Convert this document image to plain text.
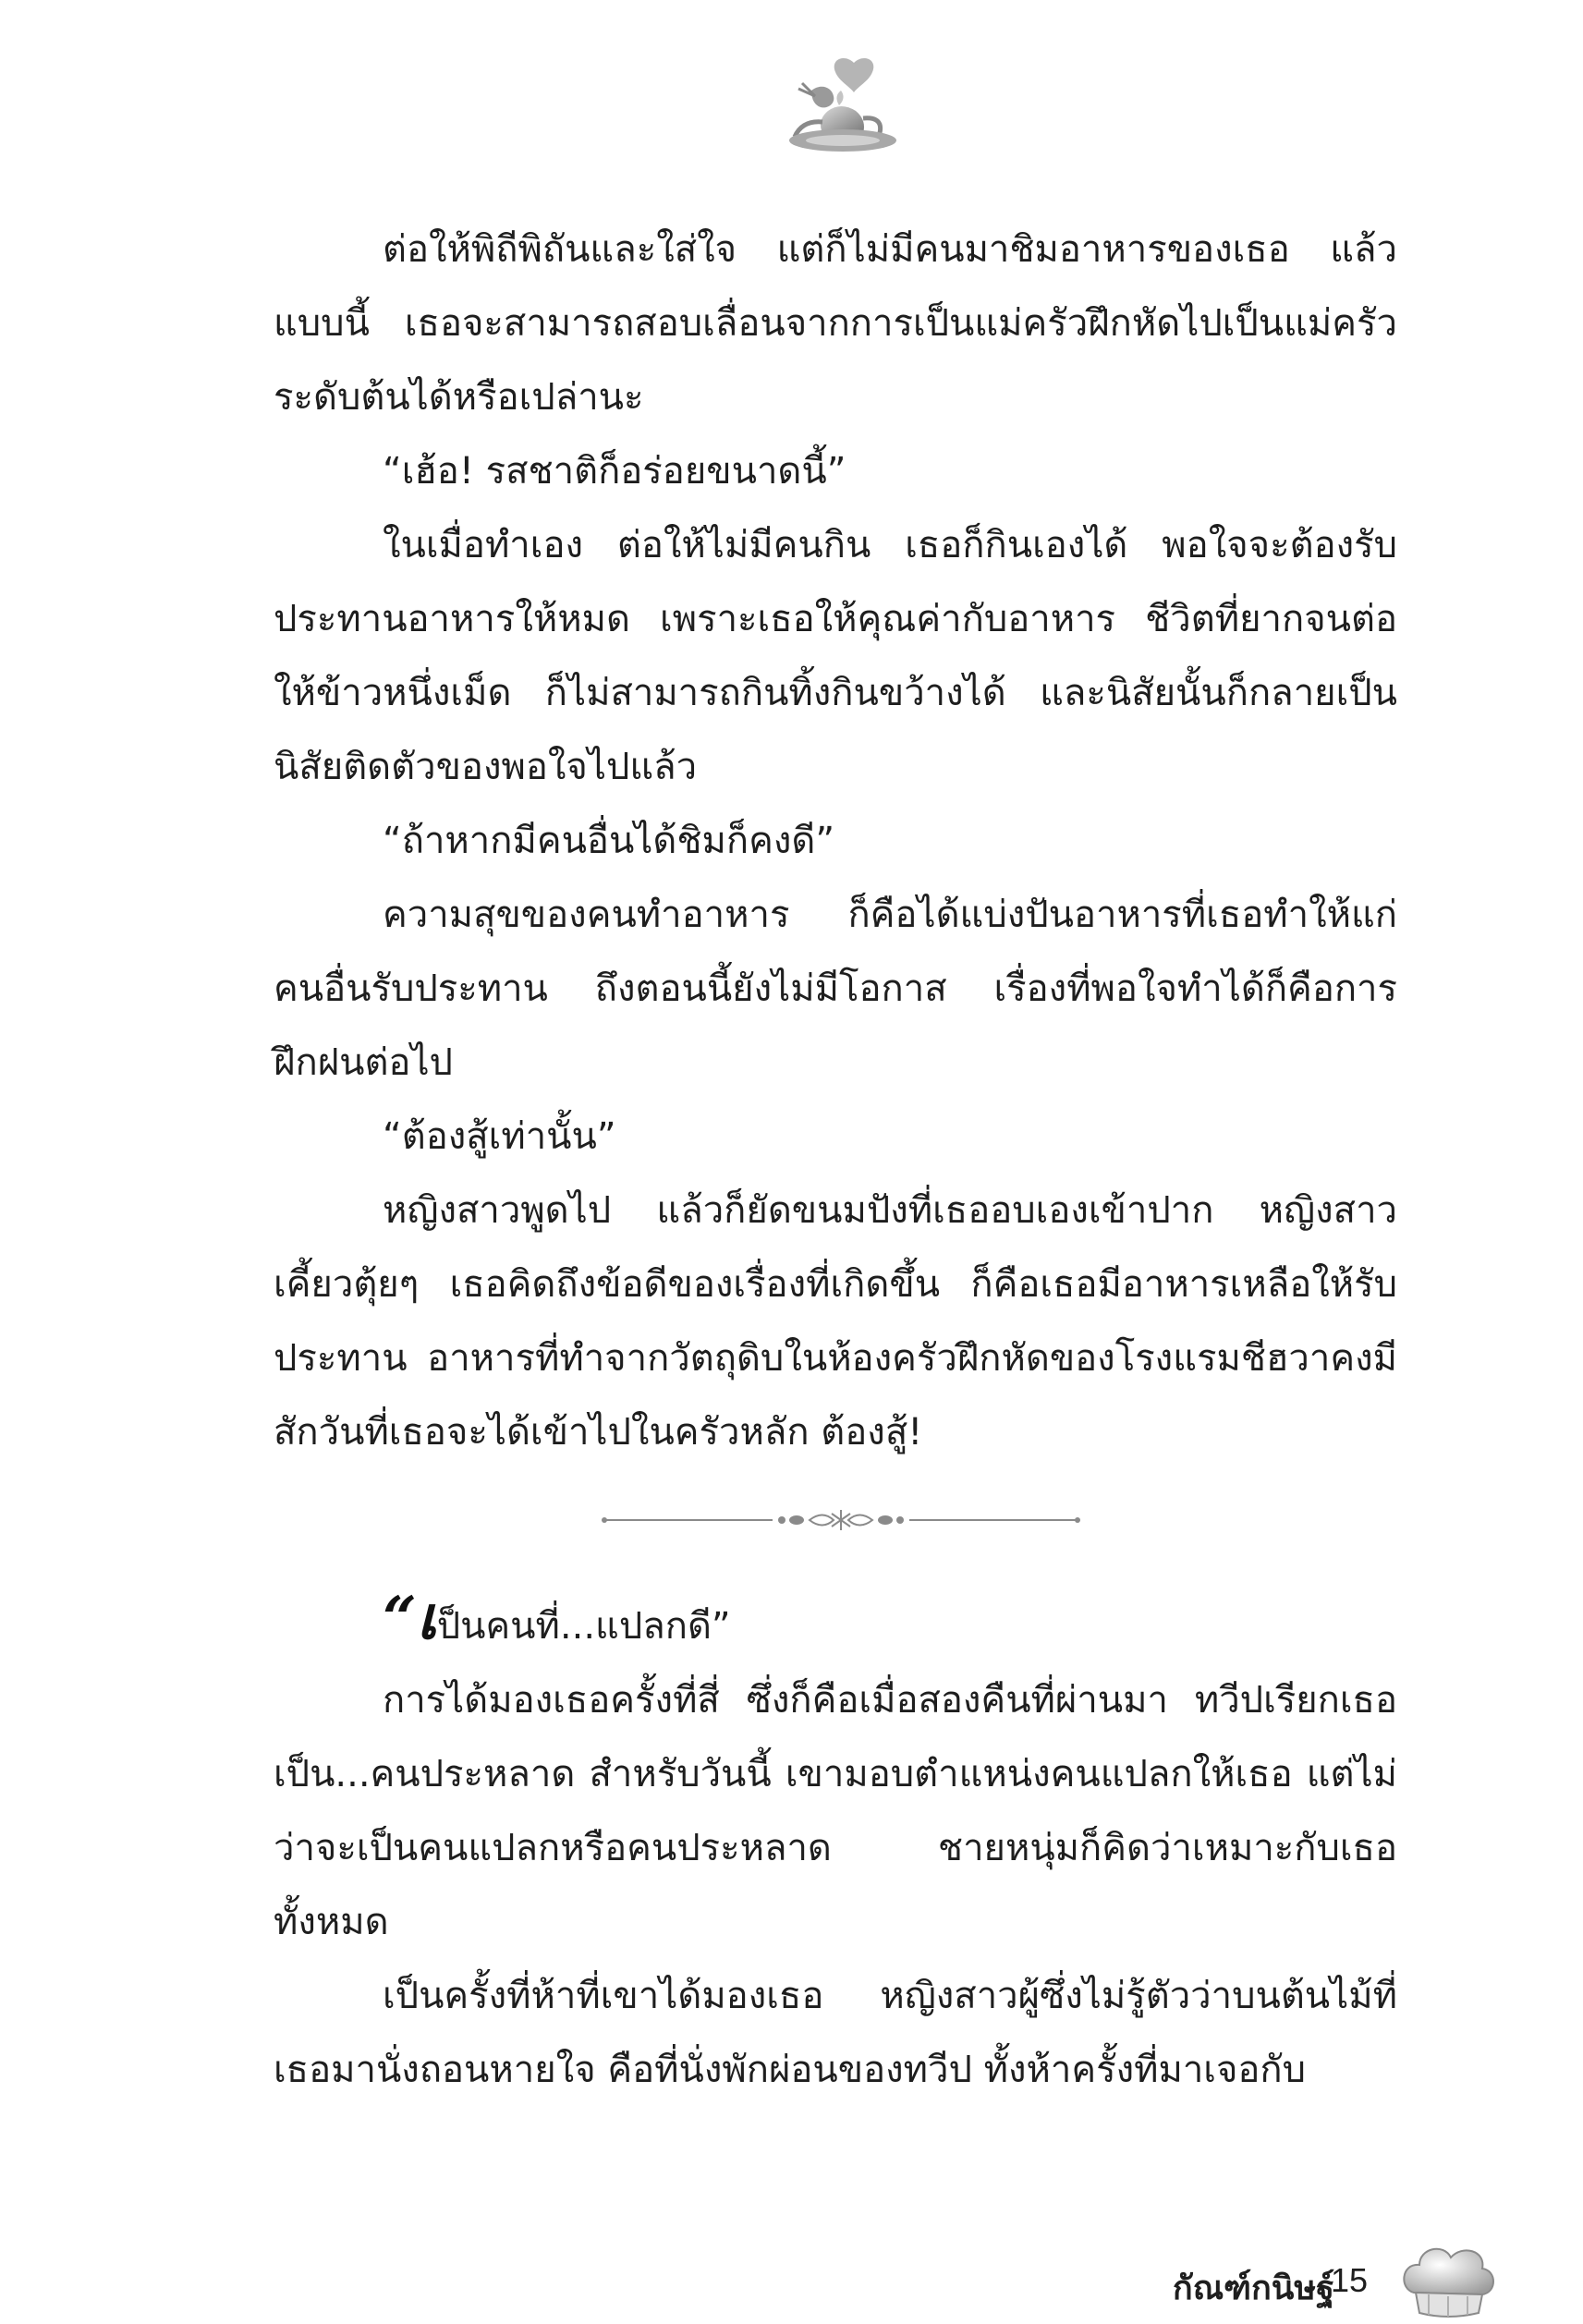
ต่อให้พิถีพิถันและใส่ใจ แต่ก็ไม่มีคนมาชิมอาหารของเธอ แล้วแบบนี้ เธอจะสามารถสอบเลื่อนจากการเป็นแม่ครัวฝึกหัดไปเป็นแม่ครัวระดับต้นได้หรือเปล่านะ

“เฮ้อ! รสชาติก็อร่อยขนาดนี้”

ในเมื่อทำเอง ต่อให้ไม่มีคนกิน เธอก็กินเองได้ พอใจจะต้องรับประทานอาหารให้หมด เพราะเธอให้คุณค่ากับอาหาร ชีวิตที่ยากจนต่อให้ข้าวหนึ่งเม็ด ก็ไม่สามารถกินทิ้งกินขว้างได้ และนิสัยนั้นก็กลายเป็นนิสัยติดตัวของพอใจไปแล้ว

“ถ้าหากมีคนอื่นได้ชิมก็คงดี”

ความสุขของคนทำอาหาร ก็คือได้แบ่งปันอาหารที่เธอทำให้แก่คนอื่นรับประทาน ถึงตอนนี้ยังไม่มีโอกาส เรื่องที่พอใจทำได้ก็คือการฝึกฝนต่อไป

“ต้องสู้เท่านั้น”

หญิงสาวพูดไป แล้วก็ยัดขนมปังที่เธออบเองเข้าปาก หญิงสาวเคี้ยวตุ้ยๆ เธอคิดถึงข้อดีของเรื่องที่เกิดขึ้น ก็คือเธอมีอาหารเหลือให้รับประทาน อาหารที่ทำจากวัตถุดิบในห้องครัวฝึกหัดของโรงแรมชีฮวาคงมีสักวันที่เธอจะได้เข้าไปในครัวหลัก ต้องสู้!

“เป็นคนที่...แปลกดี”

การได้มองเธอครั้งที่สี่ ซึ่งก็คือเมื่อสองคืนที่ผ่านมา ทวีปเรียกเธอเป็น...คนประหลาด สำหรับวันนี้ เขามอบตำแหน่งคนแปลกให้เธอ แต่ไม่ว่าจะเป็นคนแปลกหรือคนประหลาด ชายหนุ่มก็คิดว่าเหมาะกับเธอทั้งหมด

เป็นครั้งที่ห้าที่เขาได้มองเธอ หญิงสาวผู้ซึ่งไม่รู้ตัวว่าบนต้นไม้ที่เธอมานั่งถอนหายใจ คือที่นั่งพักผ่อนของทวีป ทั้งห้าครั้งที่มาเจอกับ

กัณฑ์กนิษฐ์
15
